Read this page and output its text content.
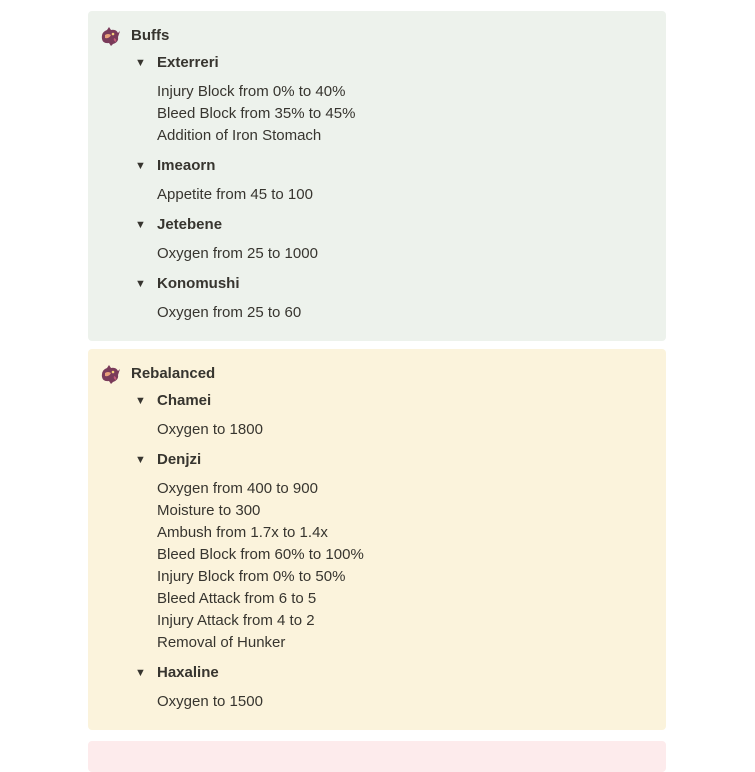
Buffs
▼ Exterreri
Injury Block from 0% to 40%
Bleed Block from 35% to 45%
Addition of Iron Stomach
▼ Imeaorn
Appetite from 45 to 100
▼ Jetebene
Oxygen from 25 to 1000
▼ Konomushi
Oxygen from 25 to 60
Rebalanced
▼ Chamei
Oxygen to 1800
▼ Denjzi
Oxygen from 400 to 900
Moisture to 300
Ambush from 1.7x to 1.4x
Bleed Block from 60% to 100%
Injury Block from 0% to 50%
Bleed Attack from 6 to 5
Injury Attack from 4 to 2
Removal of Hunker
▼ Haxaline
Oxygen to 1500
